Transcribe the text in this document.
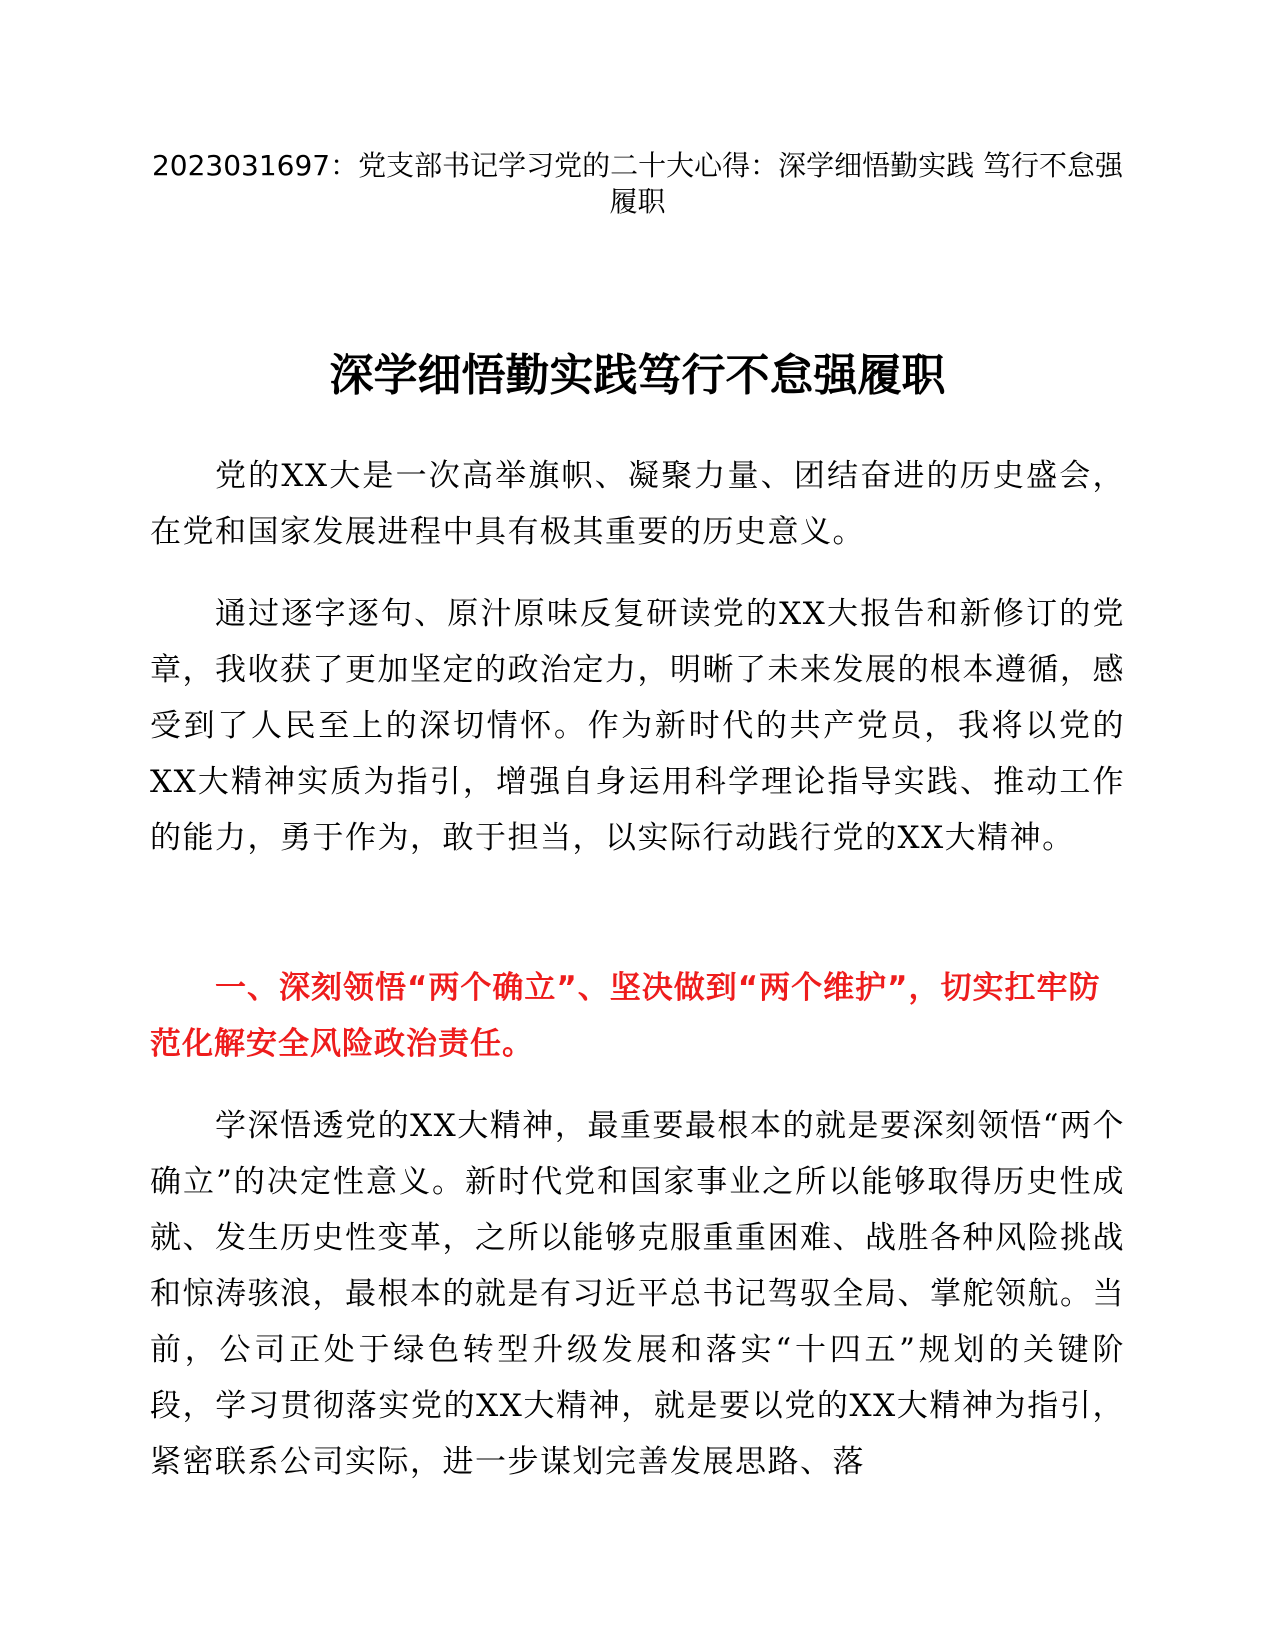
2023031697：党支部书记学习党的二十大心得：深学细悟勤实践 笃行不怠强履职

深学细悟勤实践笃行不怠强履职

党的XX大是一次高举旗帜、凝聚力量、团结奋进的历史盛会，在党和国家发展进程中具有极其重要的历史意义。

通过逐字逐句、原汁原味反复研读党的XX大报告和新修订的党章，我收获了更加坚定的政治定力，明晰了未来发展的根本遵循，感受到了人民至上的深切情怀。作为新时代的共产党员，我将以党的XX大精神实质为指引，增强自身运用科学理论指导实践、推动工作的能力，勇于作为，敢于担当，以实际行动践行党的XX大精神。

一、深刻领悟“两个确立”、坚决做到“两个维护”，切实扛牢防范化解安全风险政治责任。

学深悟透党的XX大精神，最重要最根本的就是要深刻领悟“两个确立”的决定性意义。新时代党和国家事业之所以能够取得历史性成就、发生历史性变革，之所以能够克服重重困难、战胜各种风险挑战和惊涛骇浪，最根本的就是有习近平总书记驾驭全局、掌舵领航。当前，公司正处于绿色转型升级发展和落实“十四五”规划的关键阶段，学习贯彻落实党的XX大精神，就是要以党的XX大精神为指引，紧密联系公司实际，进一步谋划完善发展思路、落
